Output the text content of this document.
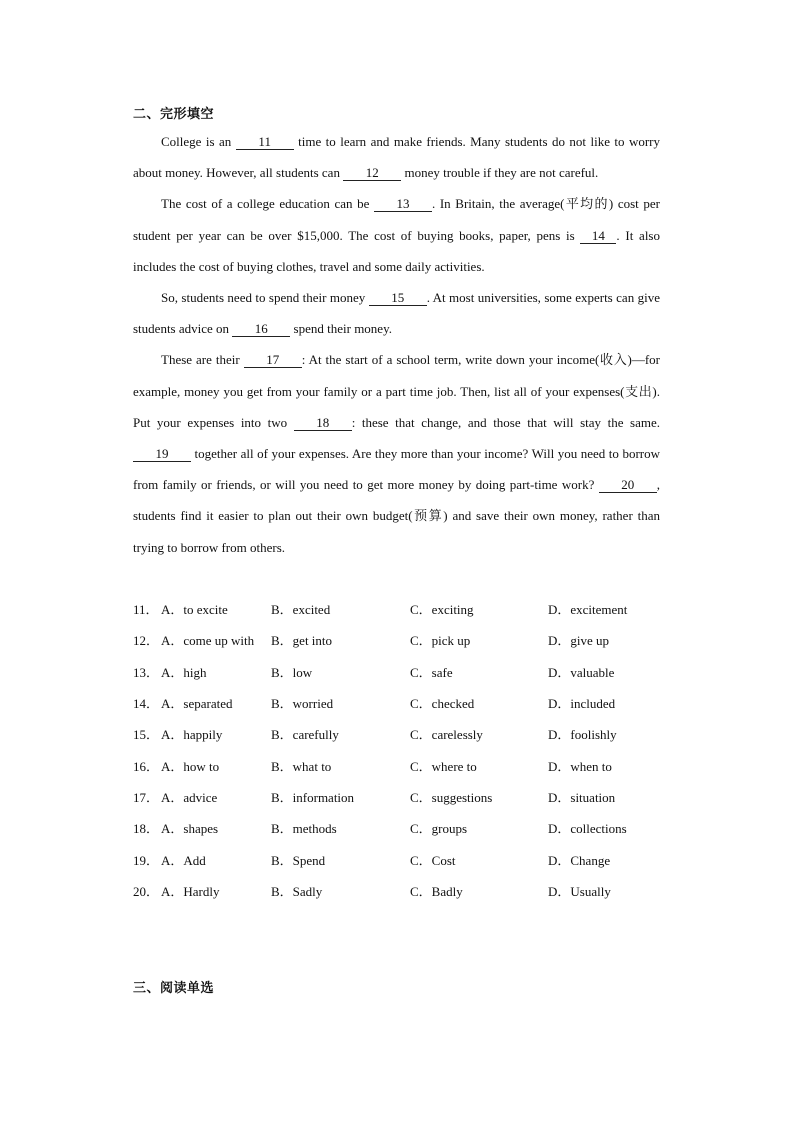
二、完形填空

College is an 11 time to learn and make friends. Many students do not like to worry about money. However, all students can 12 money trouble if they are not careful.

The cost of a college education can be 13 . In Britain, the average(平均的) cost per student per year can be over $15,000. The cost of buying books, paper, pens is 14 . It also includes the cost of buying clothes, travel and some daily activities.

So, students need to spend their money 15 . At most universities, some experts can give students advice on 16 spend their money.

These are their 17 : At the start of a school term, write down your income(收入)—for example, money you get from your family or a part time job. Then, list all of your expenses(支出). Put your expenses into two 18 : these that change, and those that will stay the same. 19 together all of your expenses. Are they more than your income? Will you need to borrow from family or friends, or will you need to get more money by doing part-time work? 20 , students find it easier to plan out their own budget(预算) and save their own money, rather than trying to borrow from others.

11． A．to excite	B．excited	C．exciting	D．excitement
12． A．come up with	B．get into	C．pick up	D．give up
13． A．high	B．low	C．safe	D．valuable
14． A．separated	B．worried	C．checked	D．included
15． A．happily	B．carefully	C．carelessly	D．foolishly
16． A．how to	B．what to	C．where to	D．when to
17． A．advice	B．information	C．suggestions	D．situation
18． A．shapes	B．methods	C．groups	D．collections
19． A．Add	B．Spend	C．Cost	D．Change
20． A．Hardly	B．Sadly	C．Badly	D．Usually
三、阅读单选
